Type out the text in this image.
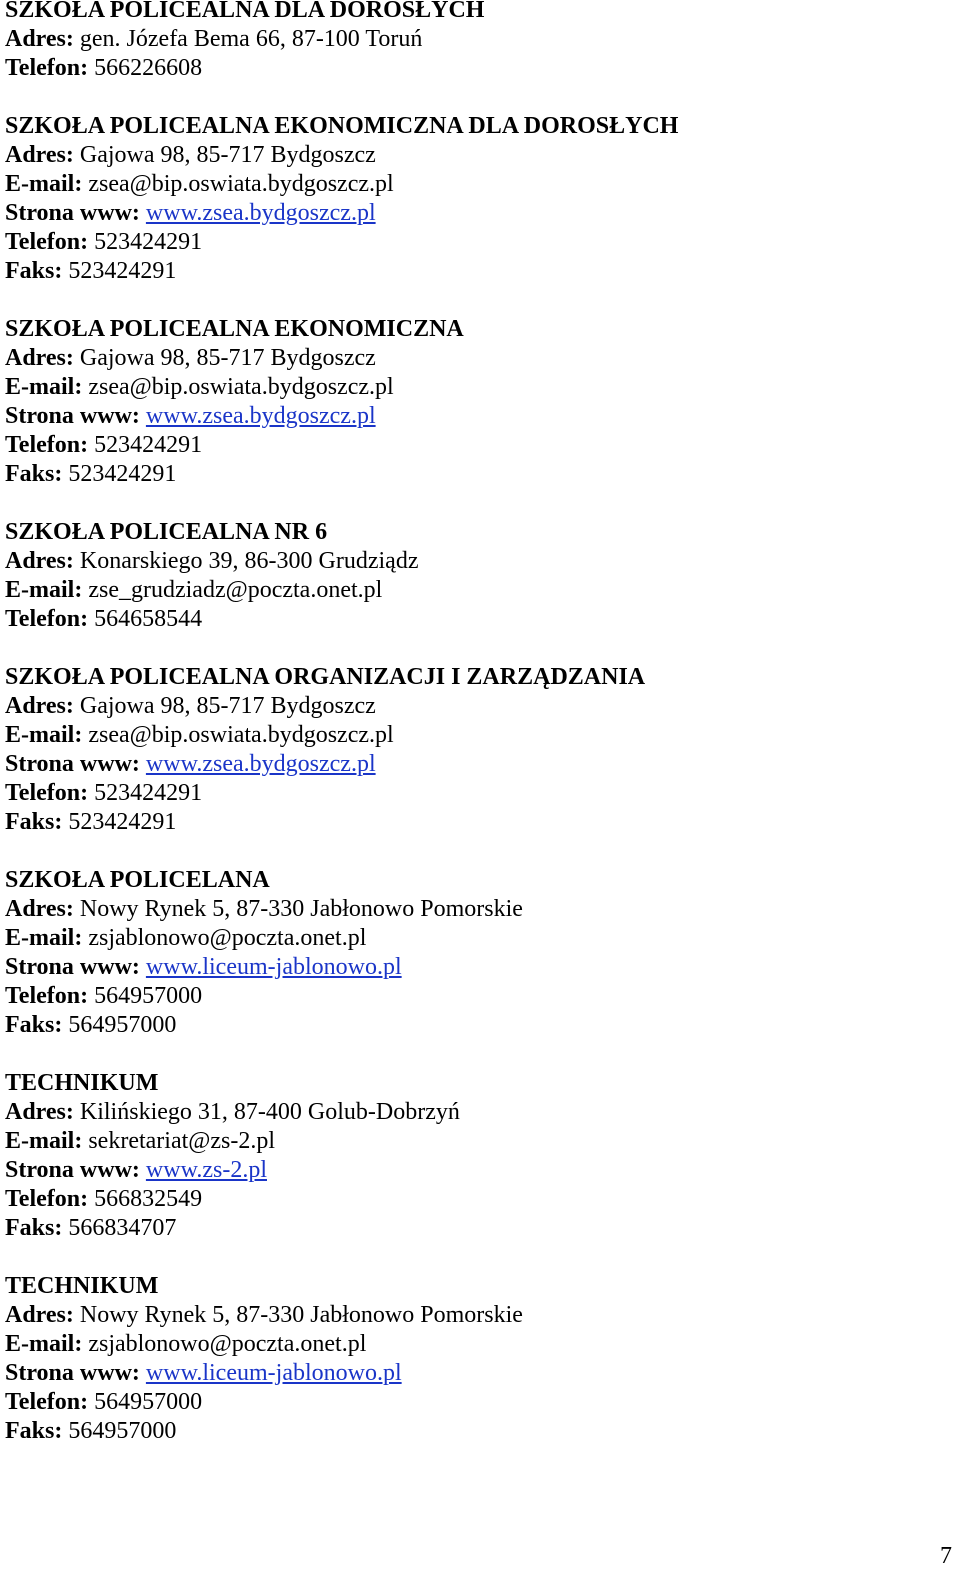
SZKOŁA POLICEALNA DLA DOROSŁYCH
Adres: gen. Józefa Bema 66, 87-100 Toruń
Telefon: 566226608
SZKOŁA POLICEALNA EKONOMICZNA DLA DOROSŁYCH
Adres: Gajowa 98, 85-717 Bydgoszcz
E-mail: zsea@bip.oswiata.bydgoszcz.pl
Strona www: www.zsea.bydgoszcz.pl
Telefon: 523424291
Faks: 523424291
SZKOŁA POLICEALNA EKONOMICZNA
Adres: Gajowa 98, 85-717 Bydgoszcz
E-mail: zsea@bip.oswiata.bydgoszcz.pl
Strona www: www.zsea.bydgoszcz.pl
Telefon: 523424291
Faks: 523424291
SZKOŁA POLICEALNA NR 6
Adres: Konarskiego 39, 86-300 Grudziądz
E-mail: zse_grudziadz@poczta.onet.pl
Telefon: 564658544
SZKOŁA POLICEALNA ORGANIZACJI I ZARZĄDZANIA
Adres: Gajowa 98, 85-717 Bydgoszcz
E-mail: zsea@bip.oswiata.bydgoszcz.pl
Strona www: www.zsea.bydgoszcz.pl
Telefon: 523424291
Faks: 523424291
SZKOŁA POLICELANA
Adres: Nowy Rynek 5, 87-330 Jabłonowo Pomorskie
E-mail: zsjablonowo@poczta.onet.pl
Strona www: www.liceum-jablonowo.pl
Telefon: 564957000
Faks: 564957000
TECHNIKUM
Adres: Kilińskiego 31, 87-400 Golub-Dobrzyń
E-mail: sekretariat@zs-2.pl
Strona www: www.zs-2.pl
Telefon: 566832549
Faks: 566834707
TECHNIKUM
Adres: Nowy Rynek 5, 87-330 Jabłonowo Pomorskie
E-mail: zsjablonowo@poczta.onet.pl
Strona www: www.liceum-jablonowo.pl
Telefon: 564957000
Faks: 564957000
7
